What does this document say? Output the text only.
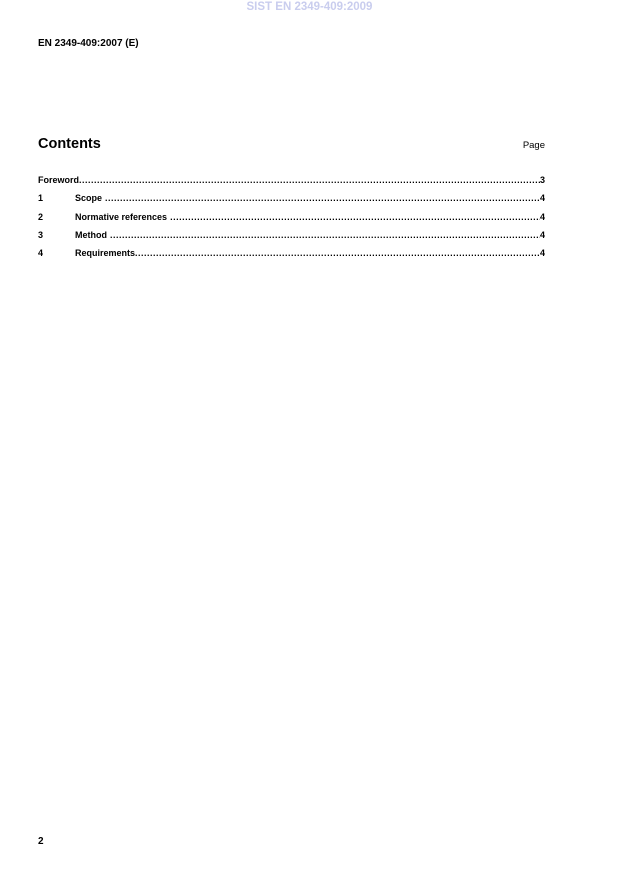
SIST EN 2349-409:2009
EN 2349-409:2007 (E)
Contents	Page
Foreword .....	3
1	Scope .....	4
2	Normative references .....	4
3	Method .....	4
4	Requirements .....	4
2
